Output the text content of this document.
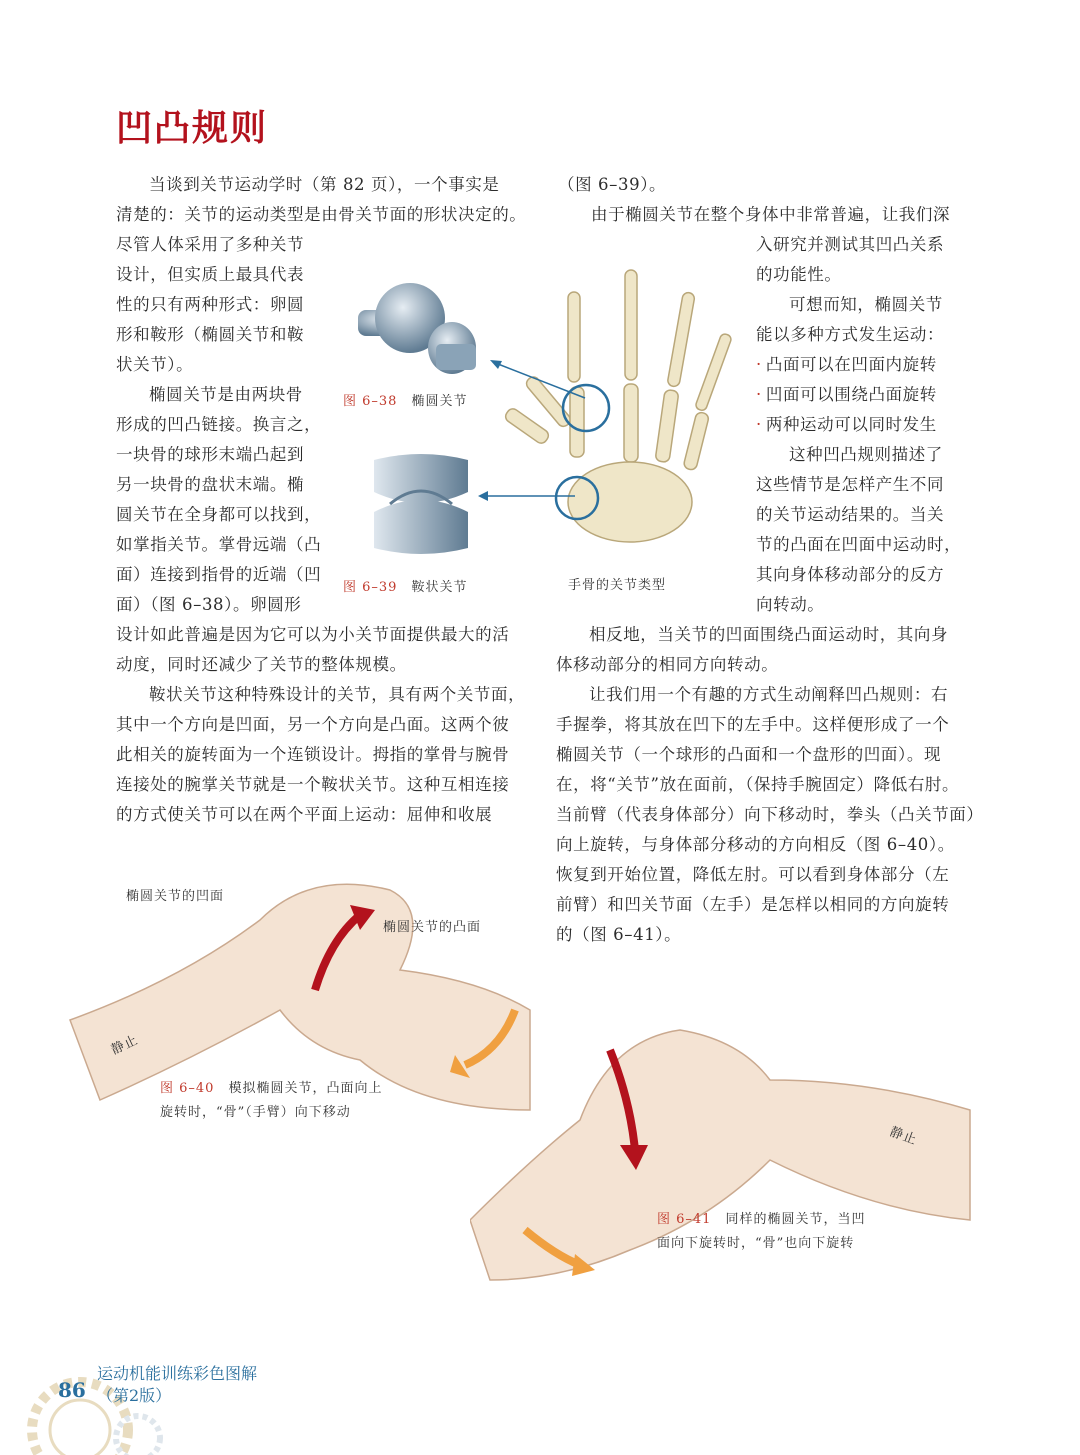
凹凸规则

当谈到关节运动学时（第 82 页），一个事实是

清楚的：关节的运动类型是由骨关节面的形状决定的。

尽管人体采用了多种关节

设计，但实质上最具代表

性的只有两种形式：卵圆

形和鞍形（椭圆关节和鞍

状关节）。

椭圆关节是由两块骨

形成的凹凸链接。换言之，

一块骨的球形末端凸起到

另一块骨的盘状末端。椭

圆关节在全身都可以找到，

如掌指关节。掌骨远端（凸

面）连接到指骨的近端（凹

面）（图 6–38）。卵圆形

设计如此普遍是因为它可以为小关节面提供最大的活

动度，同时还减少了关节的整体规模。

鞍状关节这种特殊设计的关节，具有两个关节面，

其中一个方向是凹面，另一个方向是凸面。这两个彼

此相关的旋转面为一个连锁设计。拇指的掌骨与腕骨

连接处的腕掌关节就是一个鞍状关节。这种互相连接

的方式使关节可以在两个平面上运动：屈伸和收展

（图 6–39）。

由于椭圆关节在整个身体中非常普遍，让我们深

入研究并测试其凹凸关系

的功能性。

可想而知，椭圆关节

能以多种方式发生运动：

· 凸面可以在凹面内旋转
· 凹面可以围绕凸面旋转
· 两种运动可以同时发生

这种凹凸规则描述了

这些情节是怎样产生不同

的关节运动结果的。当关

节的凸面在凹面中运动时，

其向身体移动部分的反方

向转动。

相反地，当关节的凹面围绕凸面运动时，其向身

体移动部分的相同方向转动。

让我们用一个有趣的方式生动阐释凹凸规则：右

手握拳，将其放在凹下的左手中。这样便形成了一个

椭圆关节（一个球形的凸面和一个盘形的凹面）。现

在，将“关节”放在面前，（保持手腕固定）降低右肘。

当前臂（代表身体部分）向下移动时，拳头（凸关节面）

向上旋转，与身体部分移动的方向相反（图 6–40）。

恢复到开始位置，降低左肘。可以看到身体部分（左

前臂）和凹关节面（左手）是怎样以相同的方向旋转

的（图 6–41）。

图 6–38 椭圆关节
图 6–39 鞍状关节	手骨的关节类型
椭圆关节的凹面
椭圆关节的凸面
静止
图 6–40 模拟椭圆关节，凸面向上
旋转时，“骨”（手臂）向下移动
静止
图 6–41 同样的椭圆关节，当凹
面向下旋转时，“骨”也向下旋转
86
运动机能训练彩色图解
（第2版）
